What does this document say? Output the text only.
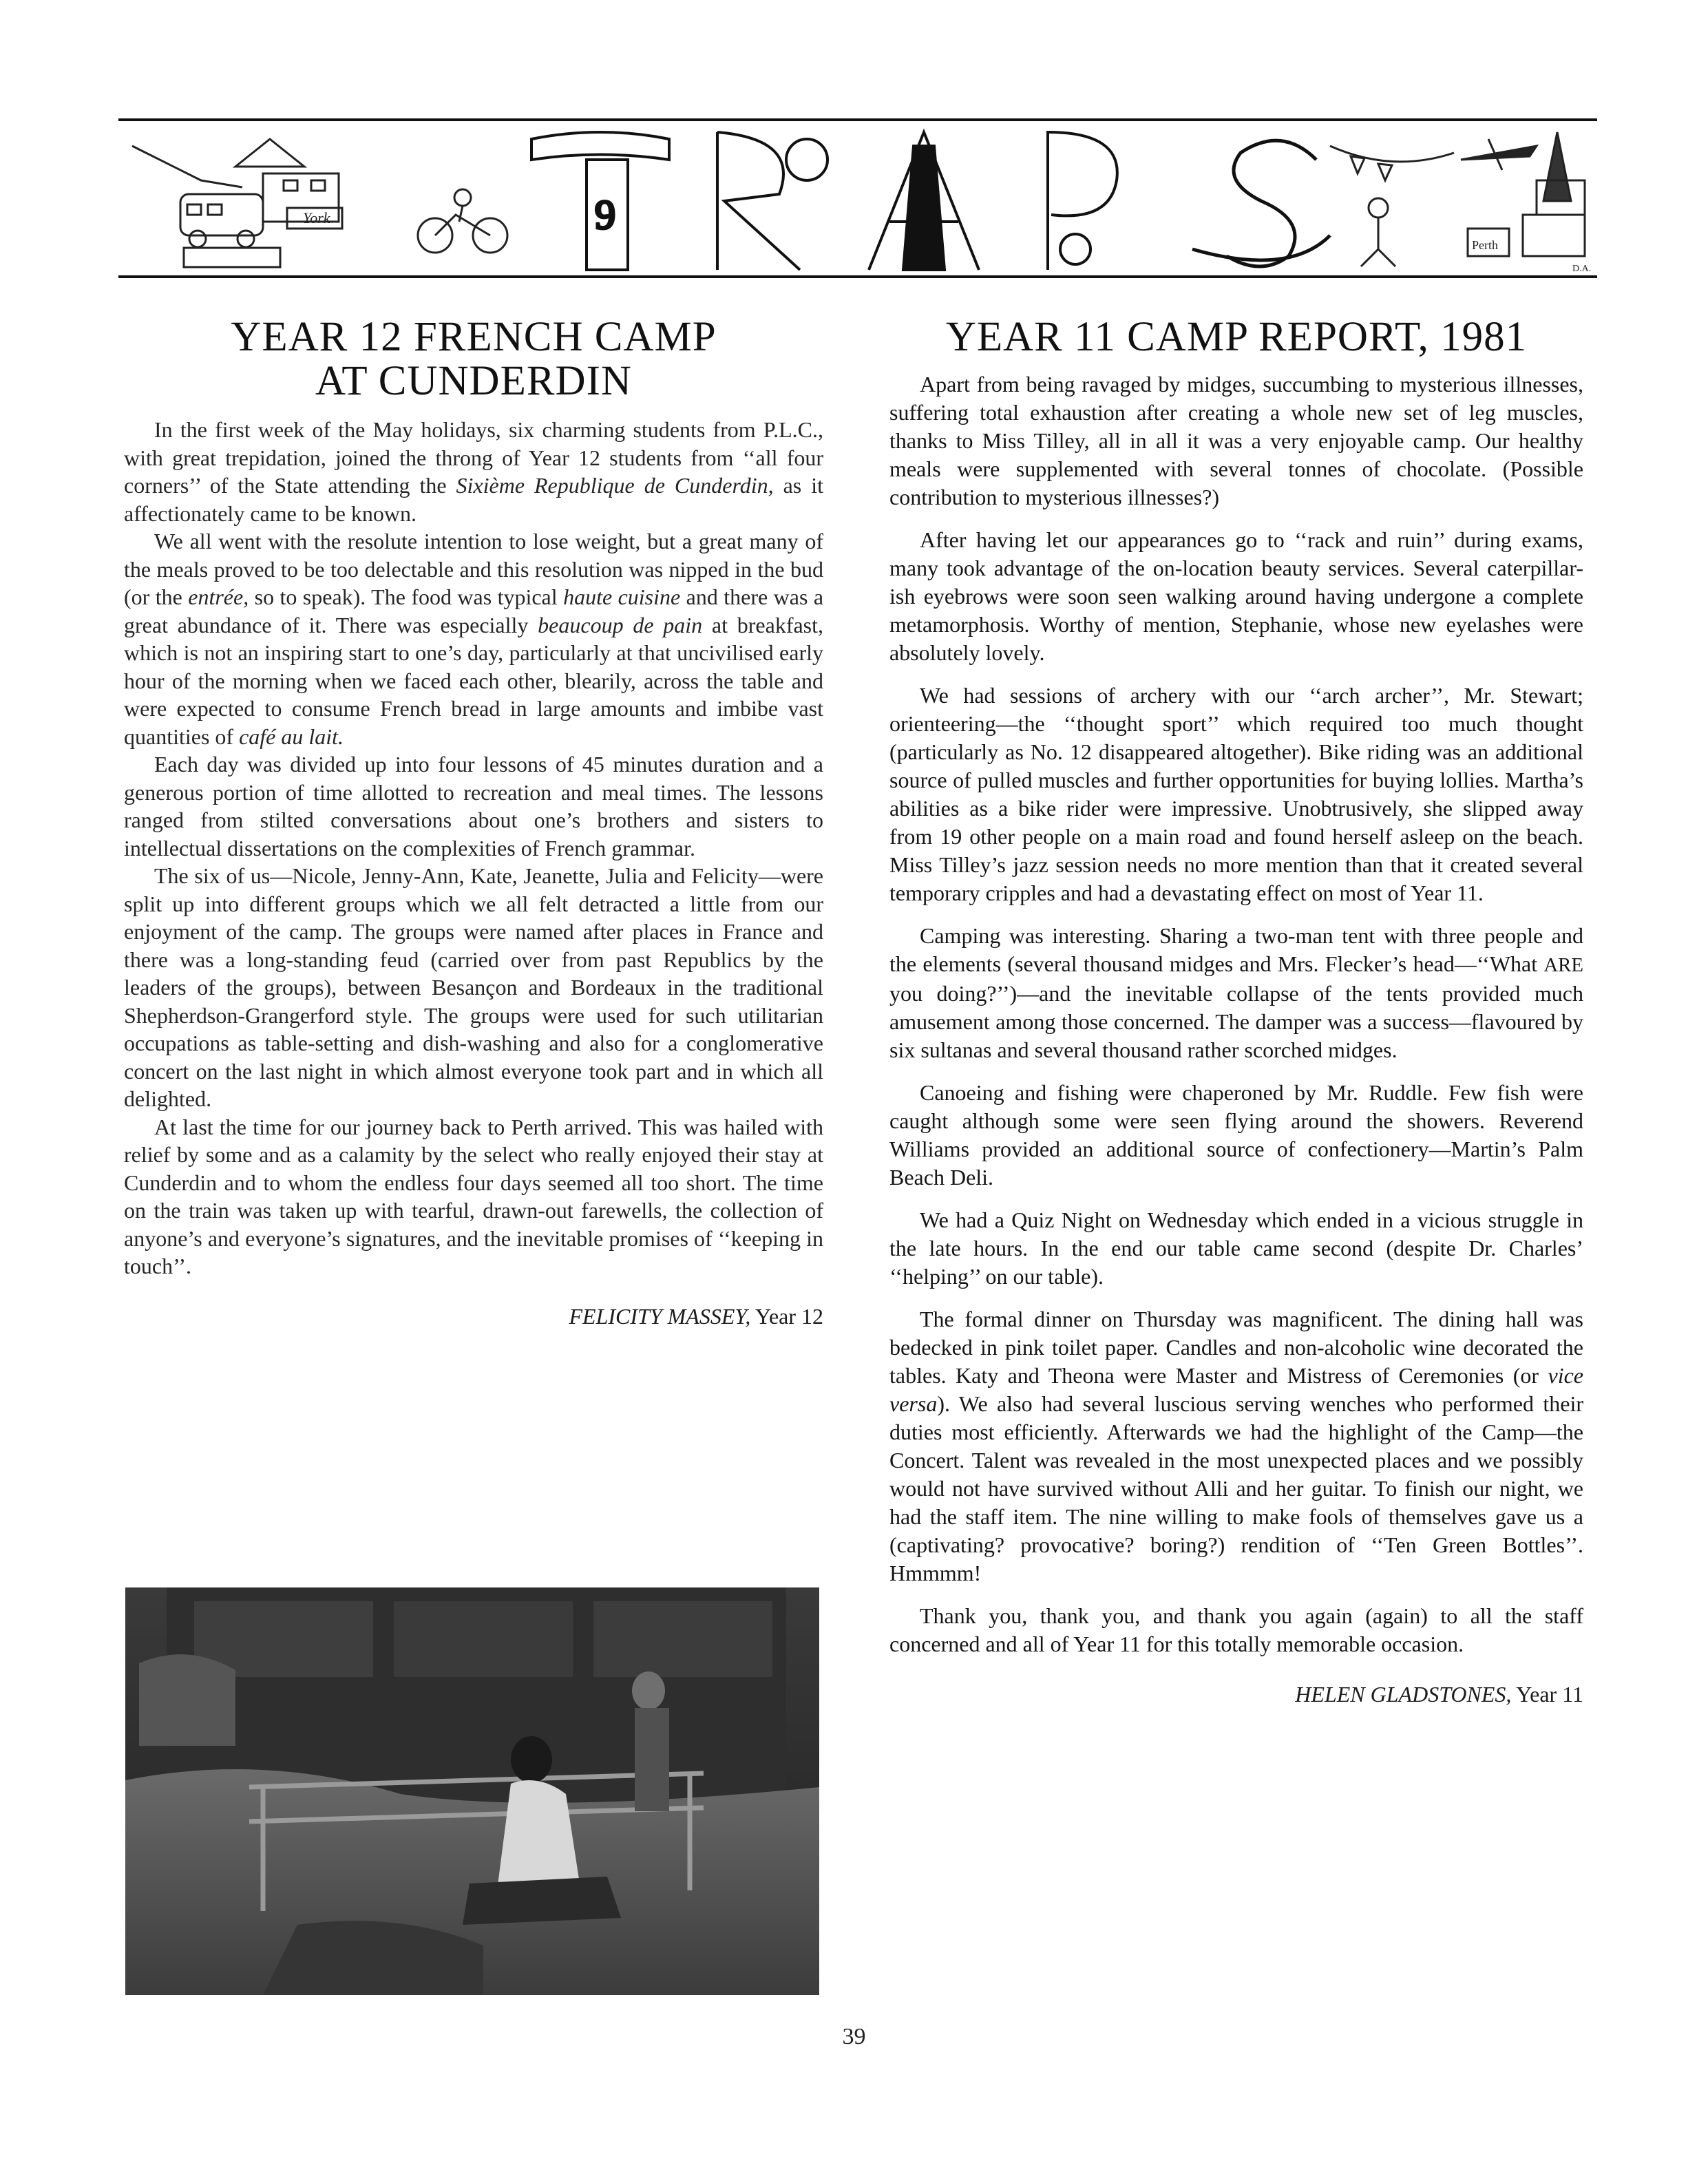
York	9
Perth
D.A.
YEAR 12 FRENCH CAMP
AT CUNDERDIN

In the first week of the May holidays, six charming students from P.L.C., with great trepidation, joined the throng of Year 12 students from ‘‘all four corners’’ of the State attending the Sixième Republique de Cunderdin, as it affectionately came to be known.

We all went with the resolute intention to lose weight, but a great many of the meals proved to be too delectable and this resolution was nipped in the bud (or the entrée, so to speak). The food was typical haute cuisine and there was a great abundance of it. There was especially beaucoup de pain at breakfast, which is not an inspiring start to one’s day, particularly at that uncivilised early hour of the morning when we faced each other, blearily, across the table and were expected to consume French bread in large amounts and imbibe vast quantities of café au lait.

Each day was divided up into four lessons of 45 minutes duration and a generous portion of time allotted to recreation and meal times. The lessons ranged from stilted conversations about one’s brothers and sisters to intellectual dissertations on the complexities of French grammar.

The six of us—Nicole, Jenny-Ann, Kate, Jeanette, Julia and Felicity—were split up into different groups which we all felt detracted a little from our enjoyment of the camp. The groups were named after places in France and there was a long-standing feud (carried over from past Republics by the leaders of the groups), between Besançon and Bordeaux in the traditional Shepherdson-Grangerford style. The groups were used for such utilitarian occupations as table-setting and dish-washing and also for a conglomerative concert on the last night in which almost everyone took part and in which all delighted.

At last the time for our journey back to Perth arrived. This was hailed with relief by some and as a calamity by the select who really enjoyed their stay at Cunderdin and to whom the endless four days seemed all too short. The time on the train was taken up with tearful, drawn-out farewells, the collection of anyone’s and everyone’s signatures, and the inevitable promises of ‘‘keeping in touch’’.

FELICITY MASSEY, Year 12
YEAR 11 CAMP REPORT, 1981

Apart from being ravaged by midges, succumbing to mysterious illnesses, suffering total exhaustion after creating a whole new set of leg muscles, thanks to Miss Tilley, all in all it was a very enjoyable camp. Our healthy meals were supplemented with several tonnes of chocolate. (Possible contribution to mysterious illnesses?)

After having let our appearances go to ‘‘rack and ruin’’ during exams, many took advantage of the on-location beauty services. Several caterpillar-ish eyebrows were soon seen walking around having undergone a complete metamorphosis. Worthy of mention, Stephanie, whose new eyelashes were absolutely lovely.

We had sessions of archery with our ‘‘arch archer’’, Mr. Stewart; orienteering—the ‘‘thought sport’’ which required too much thought (particularly as No. 12 disappeared altogether). Bike riding was an additional source of pulled muscles and further opportunities for buying lollies. Martha’s abilities as a bike rider were impressive. Unobtrusively, she slipped away from 19 other people on a main road and found herself asleep on the beach. Miss Tilley’s jazz session needs no more mention than that it created several temporary cripples and had a devastating effect on most of Year 11.

Camping was interesting. Sharing a two-man tent with three people and the elements (several thousand midges and Mrs. Flecker’s head—‘‘What ARE you doing?’’)—and the inevitable collapse of the tents provided much amusement among those concerned. The damper was a success—flavoured by six sultanas and several thousand rather scorched midges.

Canoeing and fishing were chaperoned by Mr. Ruddle. Few fish were caught although some were seen flying around the showers. Reverend Williams provided an additional source of confectionery—Martin’s Palm Beach Deli.

We had a Quiz Night on Wednesday which ended in a vicious struggle in the late hours. In the end our table came second (despite Dr. Charles’ ‘‘helping’’ on our table).

The formal dinner on Thursday was magnificent. The dining hall was bedecked in pink toilet paper. Candles and non-alcoholic wine decorated the tables. Katy and Theona were Master and Mistress of Ceremonies (or vice versa). We also had several luscious serving wenches who performed their duties most efficiently. Afterwards we had the highlight of the Camp—the Concert. Talent was revealed in the most unexpected places and we possibly would not have survived without Alli and her guitar. To finish our night, we had the staff item. The nine willing to make fools of themselves gave us a (captivating? provocative? boring?) rendition of ‘‘Ten Green Bottles’’. Hmmmm!

Thank you, thank you, and thank you again (again) to all the staff concerned and all of Year 11 for this totally memorable occasion.

HELEN GLADSTONES, Year 11
39
